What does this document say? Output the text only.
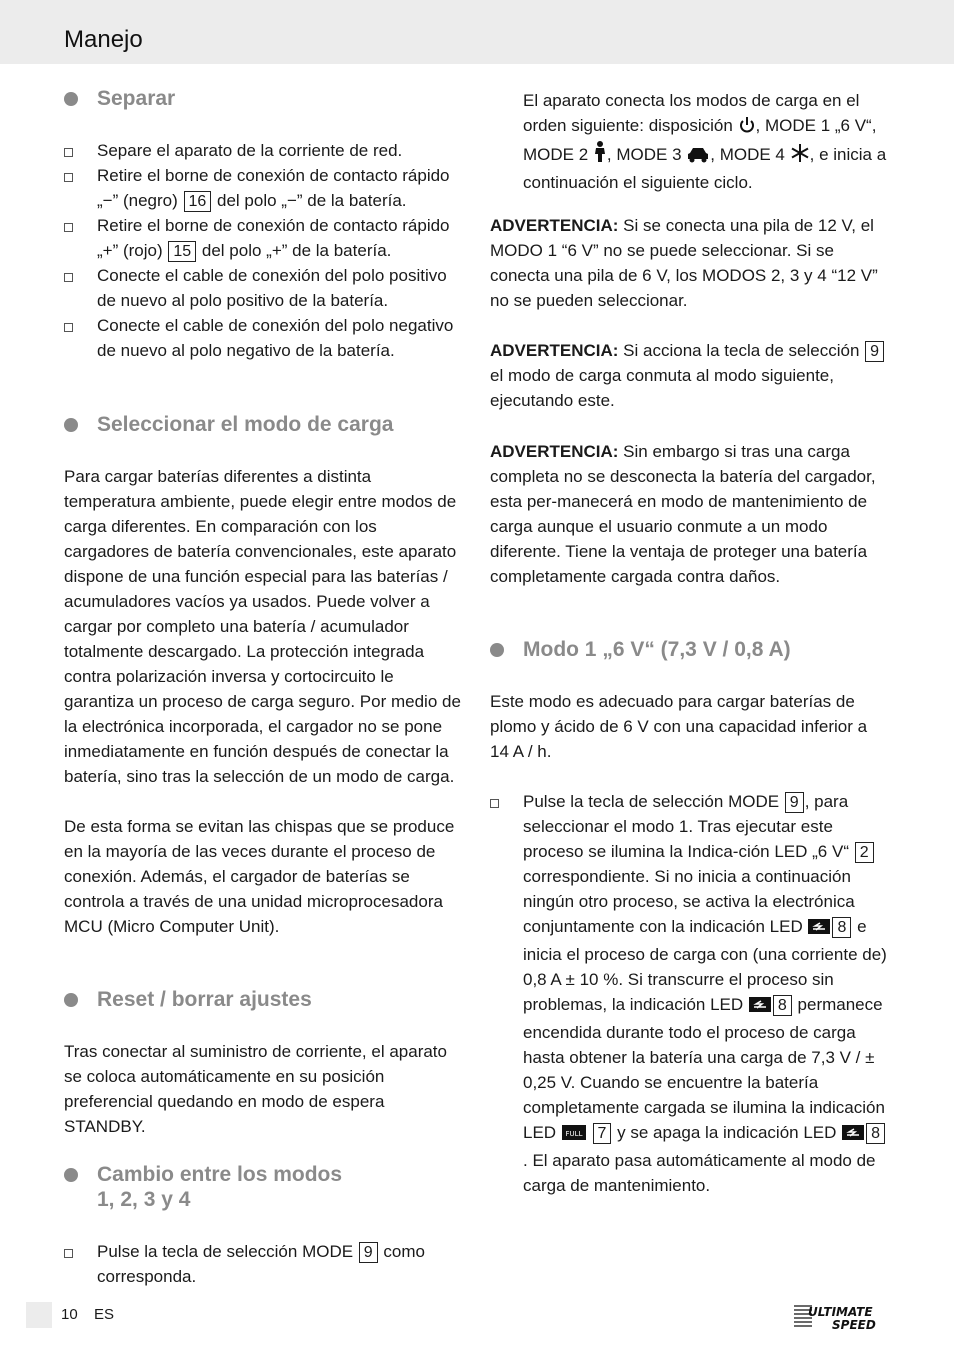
Manejo
Separar
Separe el aparato de la corriente de red.
Retire el borne de conexión de contacto rápido „−” (negro) 16 del polo „−” de la batería.
Retire el borne de conexión de contacto rápido „+” (rojo) 15 del polo „+” de la batería.
Conecte el cable de conexión del polo positivo de nuevo al polo positivo de la batería.
Conecte el cable de conexión del polo negativo de nuevo al polo negativo de la batería.
Seleccionar el modo de carga
Para cargar baterías diferentes a distinta temperatura ambiente, puede elegir entre modos de carga diferentes. En comparación con los cargadores de batería convencionales, este aparato dispone de una función especial para las baterías / acumuladores vacíos ya usados. Puede volver a cargar por completo una batería / acumulador totalmente descargado. La protección integrada contra polarización inversa y cortocircuito le garantiza un proceso de carga seguro. Por medio de la electrónica incorporada, el cargador no se pone inmediatamente en función después de conectar la batería, sino tras la selección de un modo de carga.
De esta forma se evitan las chispas que se produce en la mayoría de las veces durante el proceso de conexión. Además, el cargador de baterías se controla a través de una unidad microprocesadora MCU (Micro Computer Unit).
Reset / borrar ajustes
Tras conectar al suministro de corriente, el aparato se coloca automáticamente en su posición preferencial quedando en modo de espera STANDBY.
Cambio entre los modos
1, 2, 3 y 4
Pulse la tecla de selección MODE 9 como corresponda.
El aparato conecta los modos de carga en el orden siguiente: disposición , MODE 1 „6 V“, MODE 2 , MODE 3 , MODE 4 , e inicia a continuación el siguiente ciclo.
ADVERTENCIA: Si se conecta una pila de 12 V, el MODO 1 “6 V” no se puede seleccionar. Si se conecta una pila de 6 V, los MODOS 2, 3 y 4 “12 V” no se pueden seleccionar.
ADVERTENCIA: Si acciona la tecla de selección 9 el modo de carga conmuta al modo siguiente, ejecutando este.
ADVERTENCIA: Sin embargo si tras una carga completa no se desconecta la batería del cargador, esta per-manecerá en modo de mantenimiento de carga aunque el usuario conmute a un modo diferente. Tiene la ventaja de proteger una batería completamente cargada contra daños.
Modo 1 „6 V“ (7,3 V / 0,8 A)
Este modo es adecuado para cargar baterías de plomo y ácido de 6 V con una capacidad inferior a 14 A / h.
Pulse la tecla de selección MODE 9 , para seleccionar el modo 1. Tras ejecutar este proceso se ilumina la Indica-ción LED „6 V“ 2 correspondiente. Si no inicia a continuación ningún otro proceso, se activa la electrónica conjuntamente con la indicación LED 8 e inicia el proceso de carga con (una corriente de) 0,8 A ± 10 %. Si transcurre el proceso sin problemas, la indicación LED 8 permanece encendida durante todo el proceso de carga hasta obtener la batería una carga de 7,3 V / ± 0,25 V. Cuando se encuentre la batería completamente cargada se ilumina la indicación LED FULL 7 y se apaga la indicación LED 8. El aparato pasa automáticamente al modo de carga de mantenimiento.
10 ES	ULTIMATE
SPEED
